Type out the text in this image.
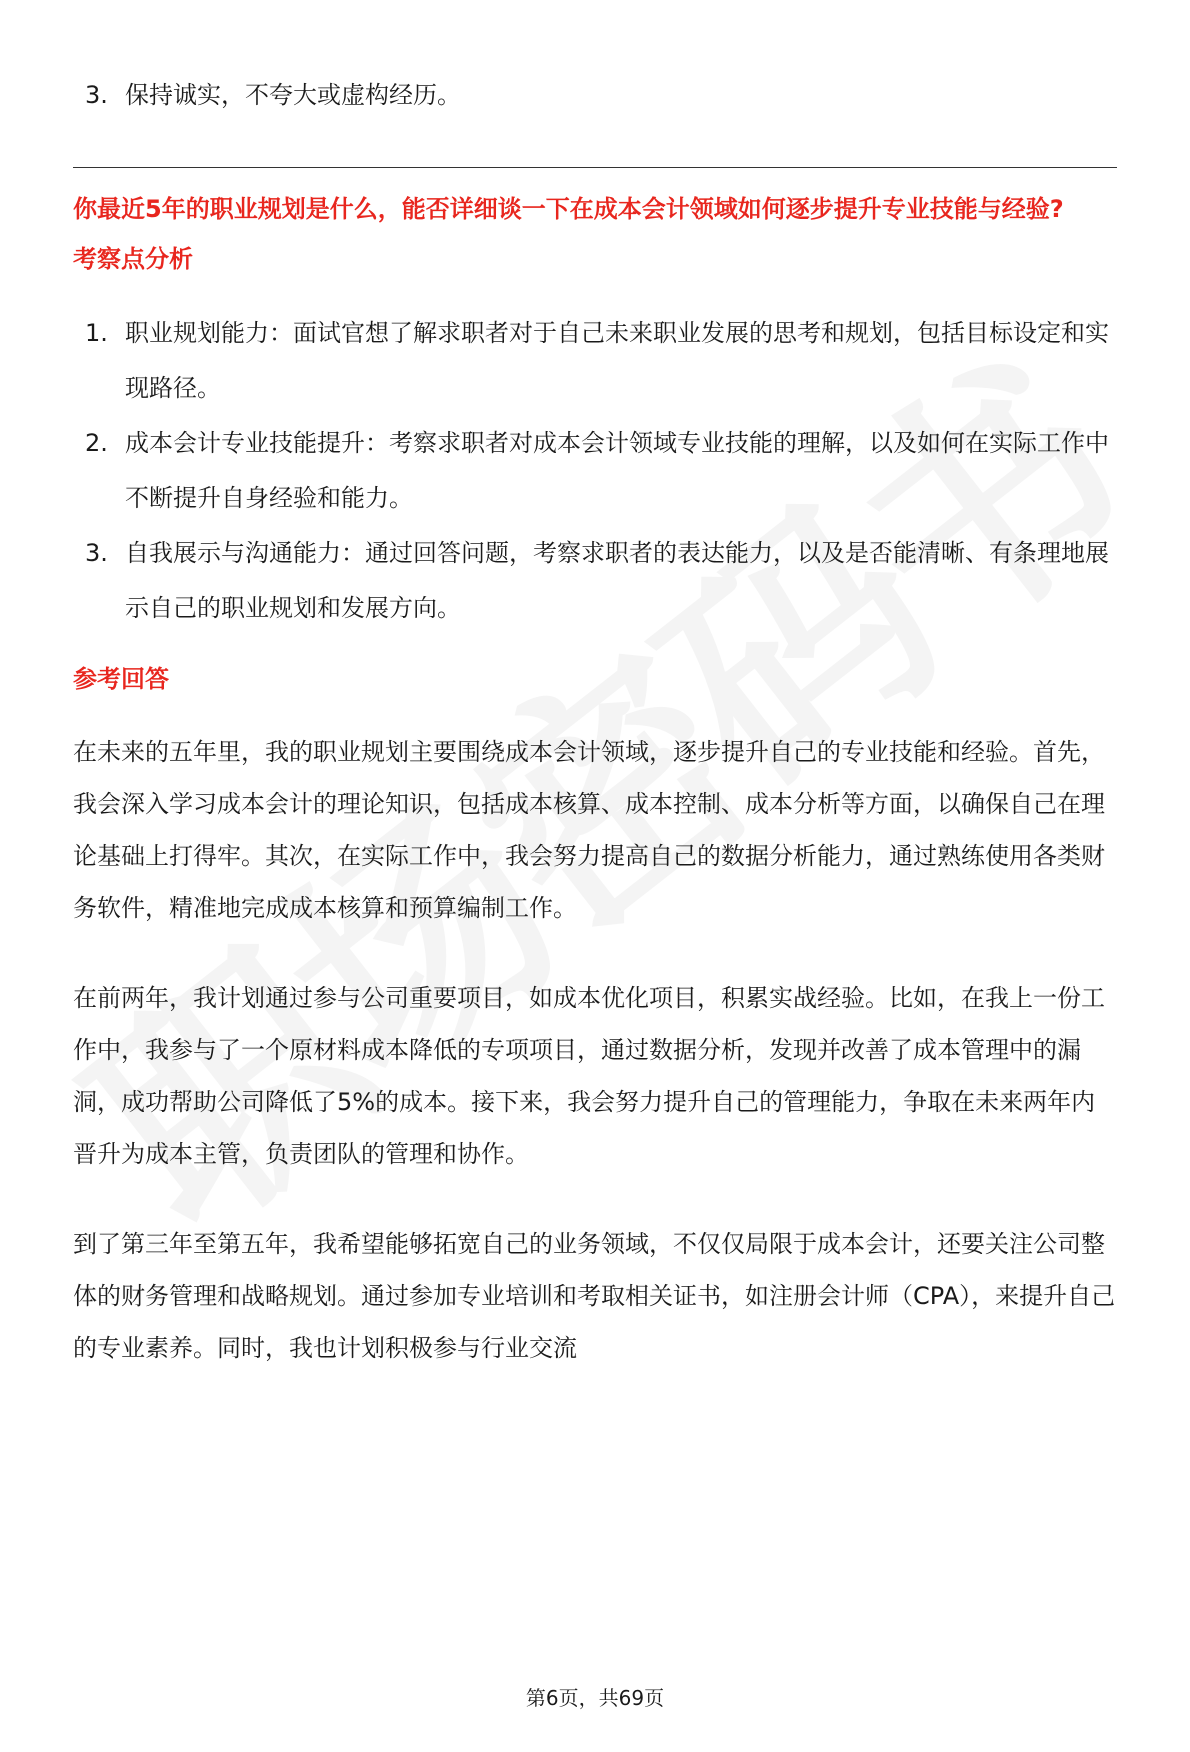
3. 保持诚实，不夸大或虚构经历。
你最近5年的职业规划是什么，能否详细谈一下在成本会计领域如何逐步提升专业技能与经验?
考察点分析
1. 职业规划能力：面试官想了解求职者对于自己未来职业发展的思考和规划，包括目标设定和实现路径。
2. 成本会计专业技能提升：考察求职者对成本会计领域专业技能的理解，以及如何在实际工作中不断提升自身经验和能力。
3. 自我展示与沟通能力：通过回答问题，考察求职者的表达能力，以及是否能清晰、有条理地展示自己的职业规划和发展方向。
参考回答

在未来的五年里，我的职业规划主要围绕成本会计领域，逐步提升自己的专业技能和经验。首先，我会深入学习成本会计的理论知识，包括成本核算、成本控制、成本分析等方面，以确保自己在理论基础上打得牢。其次，在实际工作中，我会努力提高自己的数据分析能力，通过熟练使用各类财务软件，精准地完成成本核算和预算编制工作。

在前两年，我计划通过参与公司重要项目，如成本优化项目，积累实战经验。比如，在我上一份工作中，我参与了一个原材料成本降低的专项项目，通过数据分析，发现并改善了成本管理中的漏洞，成功帮助公司降低了5%的成本。接下来，我会努力提升自己的管理能力，争取在未来两年内晋升为成本主管，负责团队的管理和协作。

到了第三年至第五年，我希望能够拓宽自己的业务领域，不仅仅局限于成本会计，还要关注公司整体的财务管理和战略规划。通过参加专业培训和考取相关证书，如注册会计师（CPA），来提升自己的专业素养。同时，我也计划积极参与行业交流

第6页，共69页
